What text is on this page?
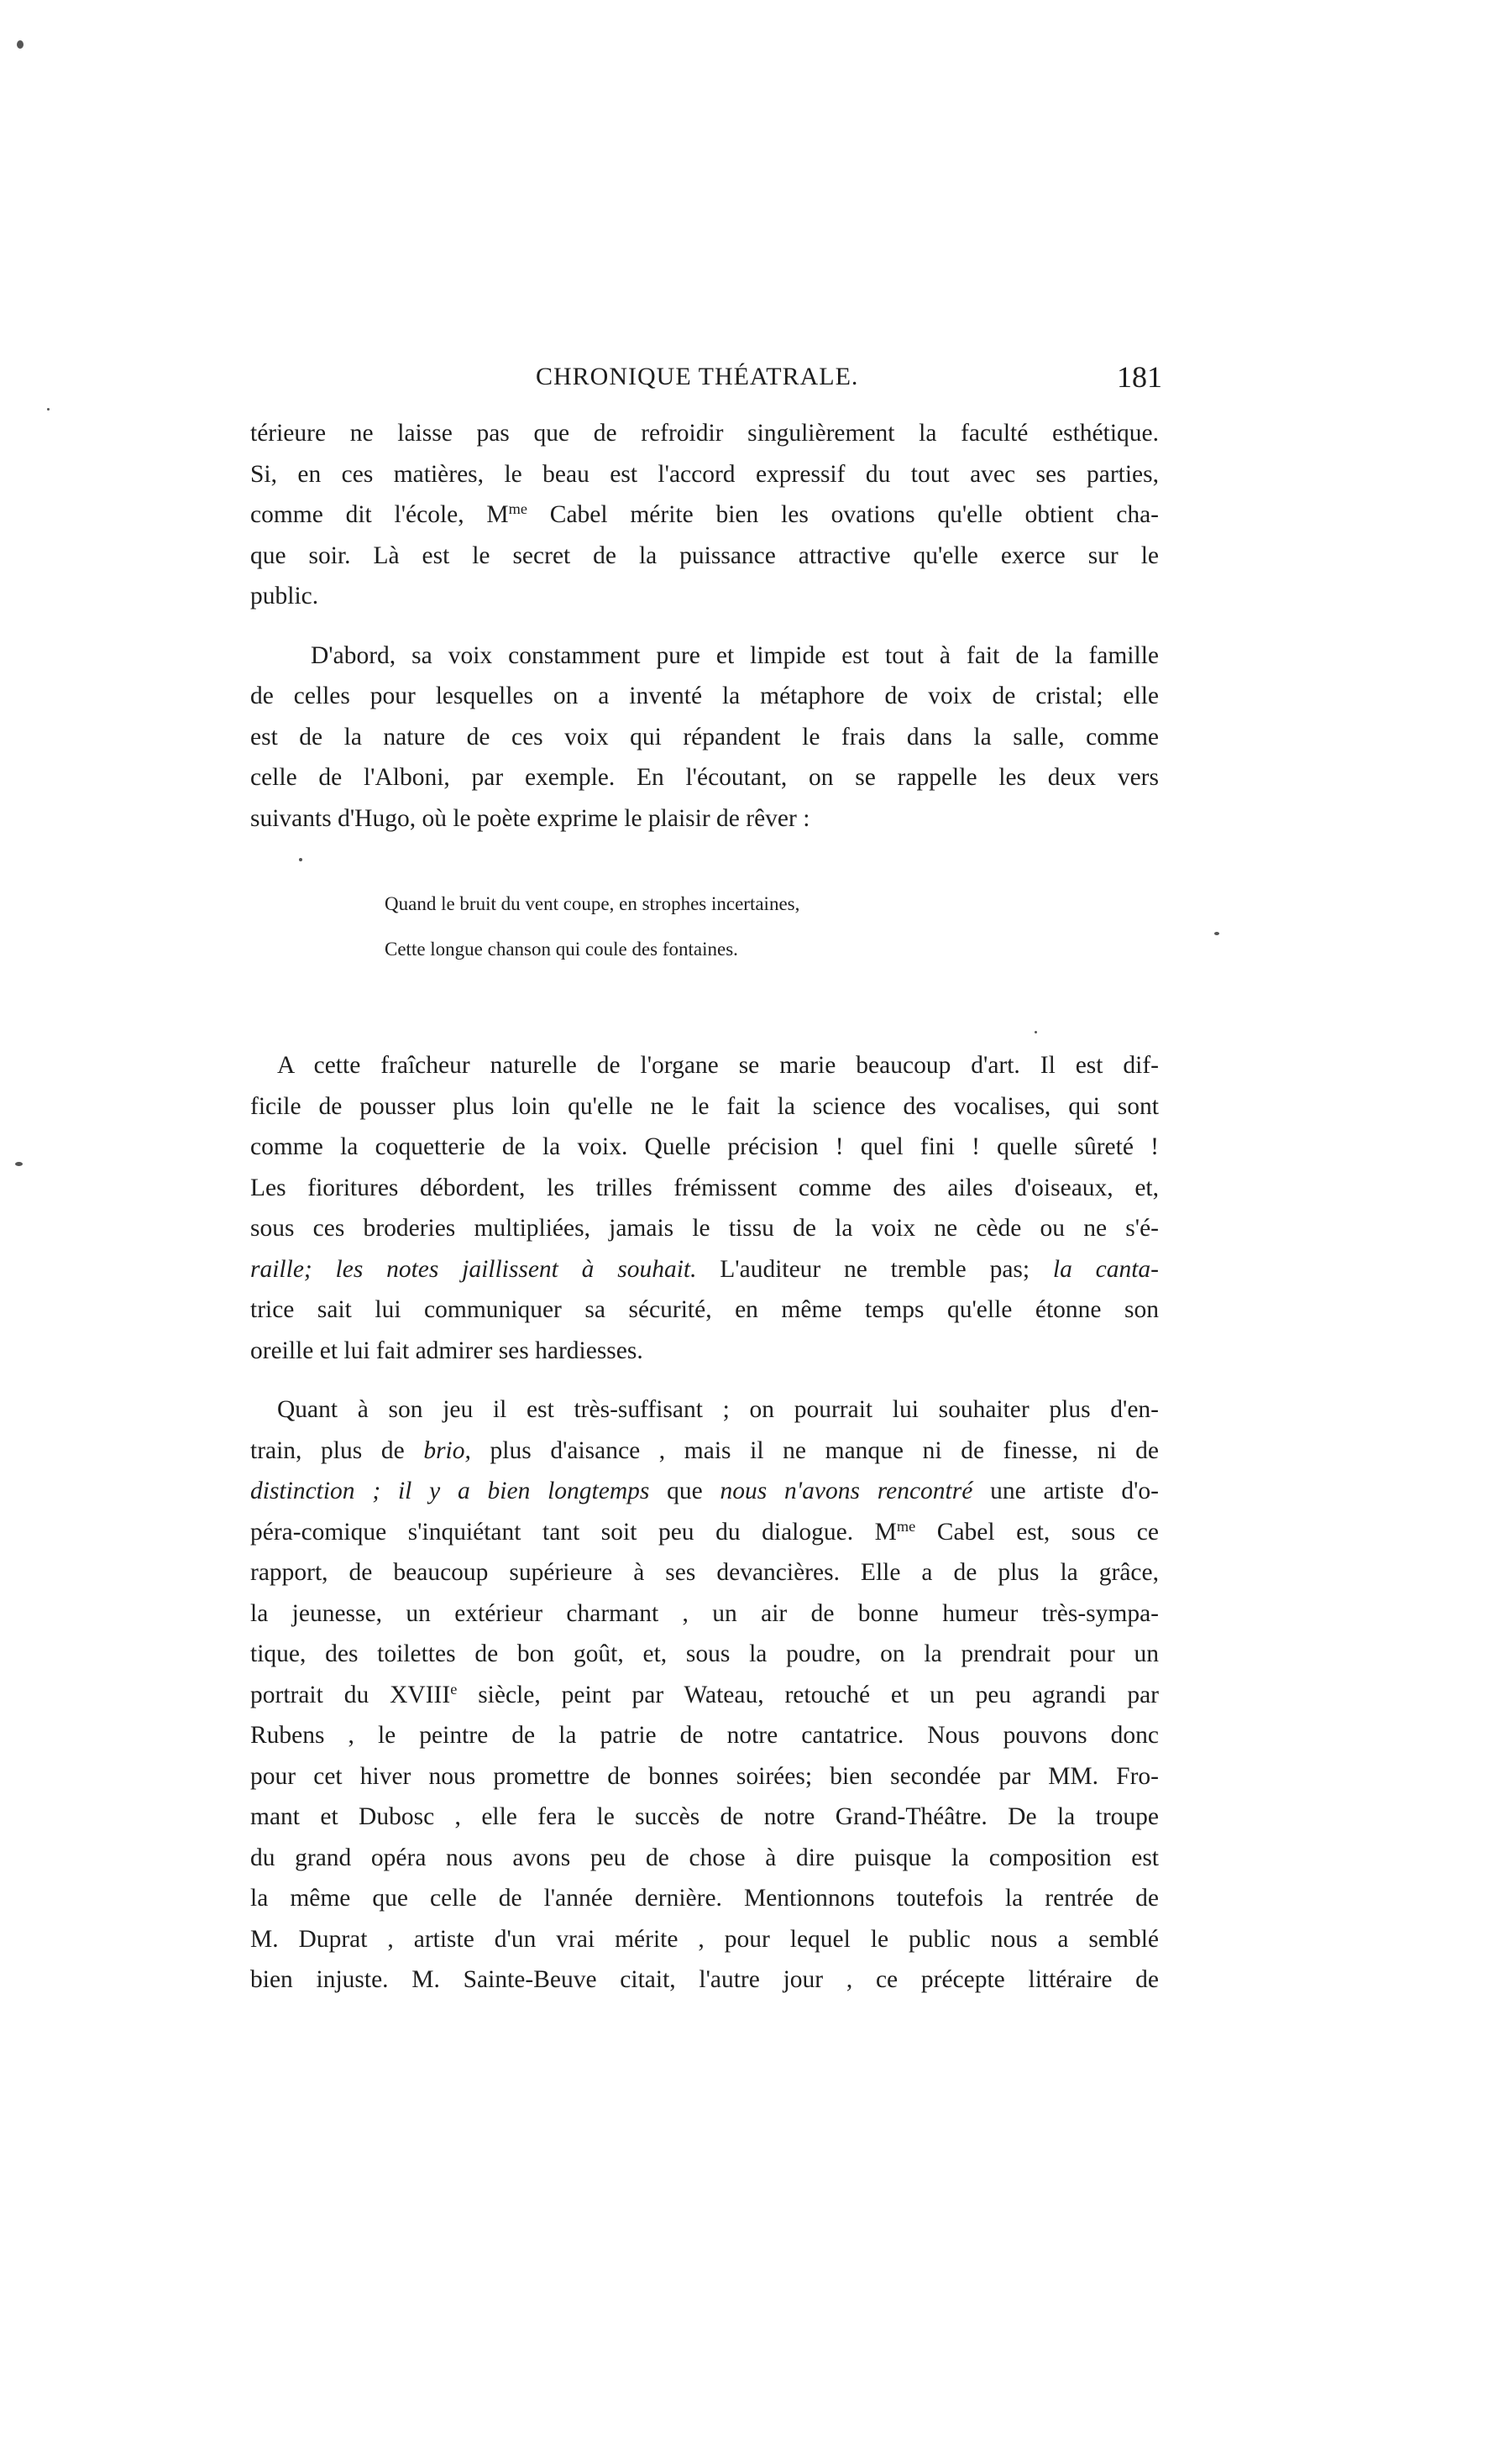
CHRONIQUE THÉATRALE.	181

térieure ne laisse pas que de refroidir singulièrement la faculté esthétique.
Si, en ces matières, le beau est l'accord expressif du tout avec ses parties,
comme dit l'école, $M^{me}$ Cabel mérite bien les ovations qu'elle obtient cha-
que soir. Là est le secret de la puissance attractive qu'elle exerce sur le
public.

D'abord, sa voix constamment pure et limpide est tout à fait de la famille
de celles pour lesquelles on a inventé la métaphore de voix de cristal; elle
est de la nature de ces voix qui répandent le frais dans la salle, comme
celle de l'Alboni, par exemple. En l'écoutant, on se rappelle les deux vers
suivants d'Hugo, où le poète exprime le plaisir de rêver :

Quand le bruit du vent coupe, en strophes incertaines,
Cette longue chanson qui coule des fontaines.

A cette fraîcheur naturelle de l'organe se marie beaucoup d'art. Il est dif-
ficile de pousser plus loin qu'elle ne le fait la science des vocalises, qui sont
comme la coquetterie de la voix. Quelle précision ! quel fini ! quelle sûreté !
Les fioritures débordent, les trilles frémissent comme des ailes d'oiseaux, et,
sous ces broderies multipliées, jamais le tissu de la voix ne cède ou ne s'é-
raille; les notes jaillissent à souhait. L'auditeur ne tremble pas; la canta-
trice sait lui communiquer sa sécurité, en même temps qu'elle étonne son
oreille et lui fait admirer ses hardiesses.

Quant à son jeu il est très-suffisant ; on pourrait lui souhaiter plus d'en-
train, plus de brio, plus d'aisance , mais il ne manque ni de finesse, ni de
distinction ; il y a bien longtemps que nous n'avons rencontré une artiste d'o-
péra-comique s'inquiétant tant soit peu du dialogue. $M^{me}$ Cabel est, sous ce
rapport, de beaucoup supérieure à ses devancières. Elle a de plus la grâce,
la jeunesse, un extérieur charmant , un air de bonne humeur très-sympa-
tique, des toilettes de bon goût, et, sous la poudre, on la prendrait pour un
portrait du XVIIIe siècle, peint par Wateau, retouché et un peu agrandi par
Rubens , le peintre de la patrie de notre cantatrice. Nous pouvons donc
pour cet hiver nous promettre de bonnes soirées; bien secondée par MM. Fro-
mant et Dubosc , elle fera le succès de notre Grand-Théâtre. De la troupe
du grand opéra nous avons peu de chose à dire puisque la composition est
la même que celle de l'année dernière. Mentionnons toutefois la rentrée de
M. Duprat , artiste d'un vrai mérite , pour lequel le public nous a semblé
bien injuste. M. Sainte-Beuve citait, l'autre jour , ce précepte littéraire de
